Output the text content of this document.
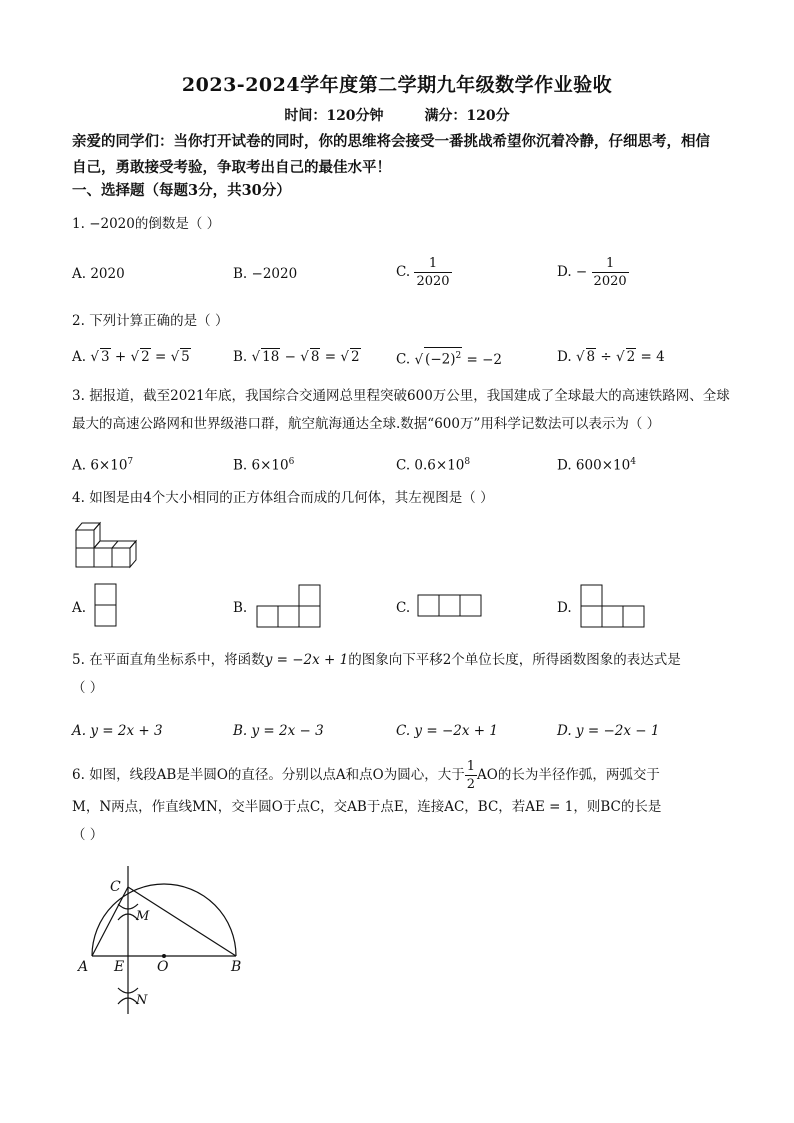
2023-2024学年度第二学期九年级数学作业验收
时间：120分钟	满分：120分
亲爱的同学们：当你打开试卷的同时，你的思维将会接受一番挑战希望你沉着冷静，仔细思考，相信自己，勇敢接受考验，争取考出自己的最佳水平！
一、选择题（每题3分，共30分）
1. −2020的倒数是（ ）
A. 2020	B. −2020	C. $\frac{1}{2020}$	D. − $\frac{1}{2020}$
2. 下列计算正确的是（ ）
A. √ 3 + √ 2 = √ 5	B. √ 18 − √ 8 = √ 2	C. √ $(-2)^2 = -2$	D. √ 8 ÷ √ 2 = 4
3. 据报道，截至2021年底，我国综合交通网总里程突破600万公里，我国建成了全球最大的高速铁路网、全球最大的高速公路网和世界级港口群，航空航海通达全球.数据“600万”用科学记数法可以表示为（ ）
A. $6\times 10^7$	B. $6\times 10^6$	C. $0.6\times 10^8$	D. $600\times 10^4$
4. 如图是由4个大小相同的正方体组合而成的几何体，其左视图是（ ）
A.	B.	C.	D.
5. 在平面直角坐标系中，将函数y = −2x + 1的图象向下平移2个单位长度，所得函数图象的表达式是
（ ）
A. y = 2x + 3	B. y = 2x − 3	C. y = −2x + 1	D. y = −2x − 1
6. 如图，线段AB是半圆O的直径。分别以点A和点O为圆心，大于 $\frac{1}{2}$ AO的长为半径作弧，两弧交于
M，N两点，作直线MN，交半圆O于点C，交AB于点E，连接AC，BC，若AE = 1，则BC的长是
（ ）
C
M
A E O	B
N
